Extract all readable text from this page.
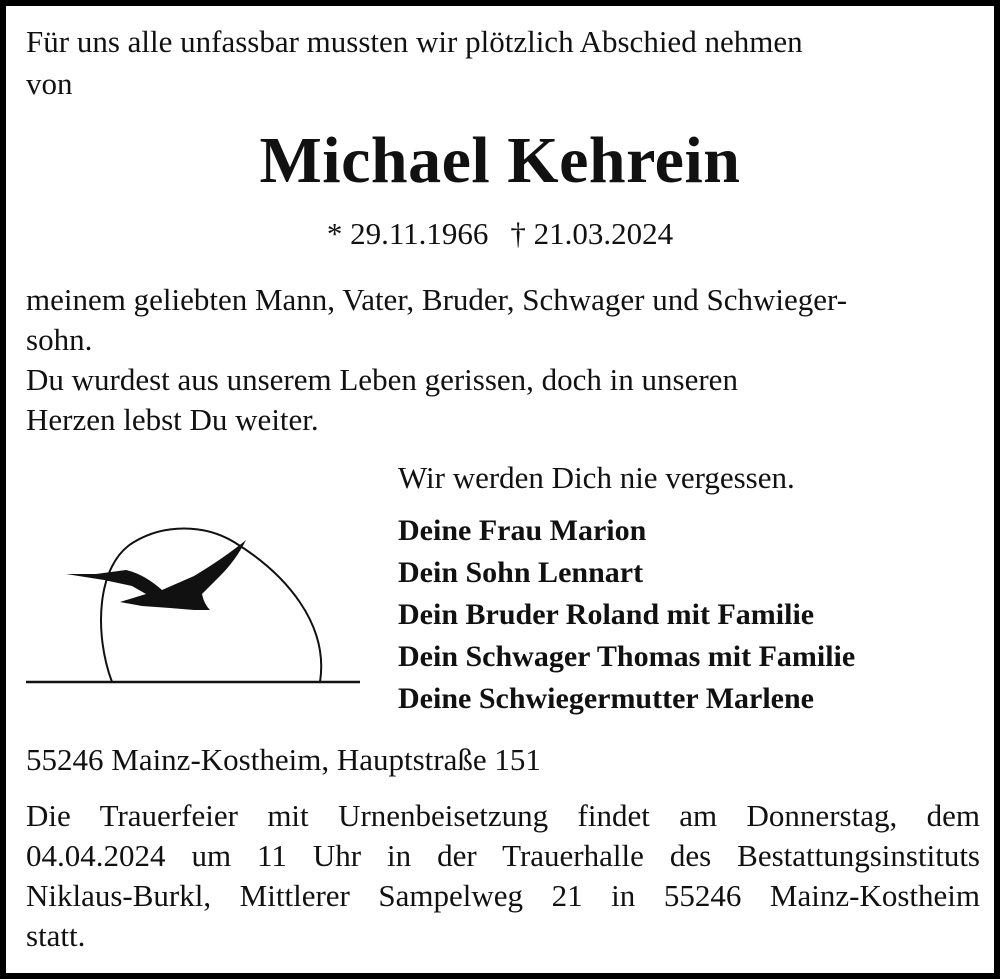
Für uns alle unfassbar mussten wir plötzlich Abschied nehmen
von
Michael Kehrein
* 29.11.1966 † 21.03.2024
meinem geliebten Mann, Vater, Bruder, Schwager und Schwieger-
sohn.
Du wurdest aus unserem Leben gerissen, doch in unseren
Herzen lebst Du weiter.
Wir werden Dich nie vergessen.
Deine Frau Marion
Dein Sohn Lennart
Dein Bruder Roland mit Familie
Dein Schwager Thomas mit Familie
Deine Schwiegermutter Marlene
55246 Mainz-Kostheim, Hauptstraße 151
Die Trauerfeier mit Urnenbeisetzung findet am Donnerstag, dem
04.04.2024 um 11 Uhr in der Trauerhalle des Bestattungsinstituts
Niklaus-Burkl, Mittlerer Sampelweg 21 in 55246 Mainz-Kostheim
statt.
